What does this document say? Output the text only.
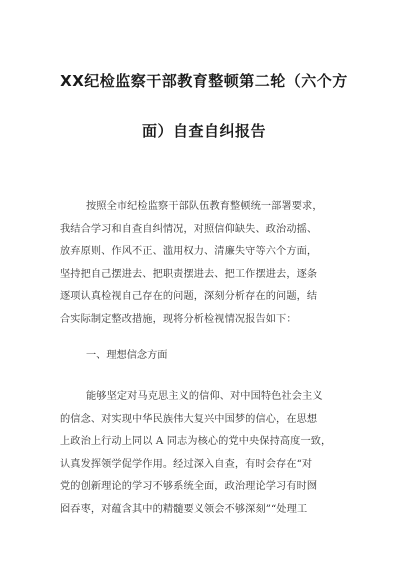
XX纪检监察干部教育整顿第二轮（六个方
面）自查自纠报告
按照全市纪检监察干部队伍教育整顿统一部署要求，
我结合学习和自查自纠情况，对照信仰缺失、政治动摇、
放弃原则、作风不正、滥用权力、清廉失守等六个方面，
坚持把自己摆进去、把职责摆进去、把工作摆进去，逐条
逐项认真检视自己存在的问题，深刻分析存在的问题，结
合实际制定整改措施，现将分析检视情况报告如下：
一、理想信念方面
能够坚定对马克思主义的信仰、对中国特色社会主义
的信念、对实现中华民族伟大复兴中国梦的信心，在思想
上政治上行动上同以 A 同志为核心的党中央保持高度一致，
认真发挥领学促学作用。经过深入自查，有时会存在“对
党的创新理论的学习不够系统全面，政治理论学习有时囫
囵吞枣，对蕴含其中的精髓要义领会不够深刻”“处理工
